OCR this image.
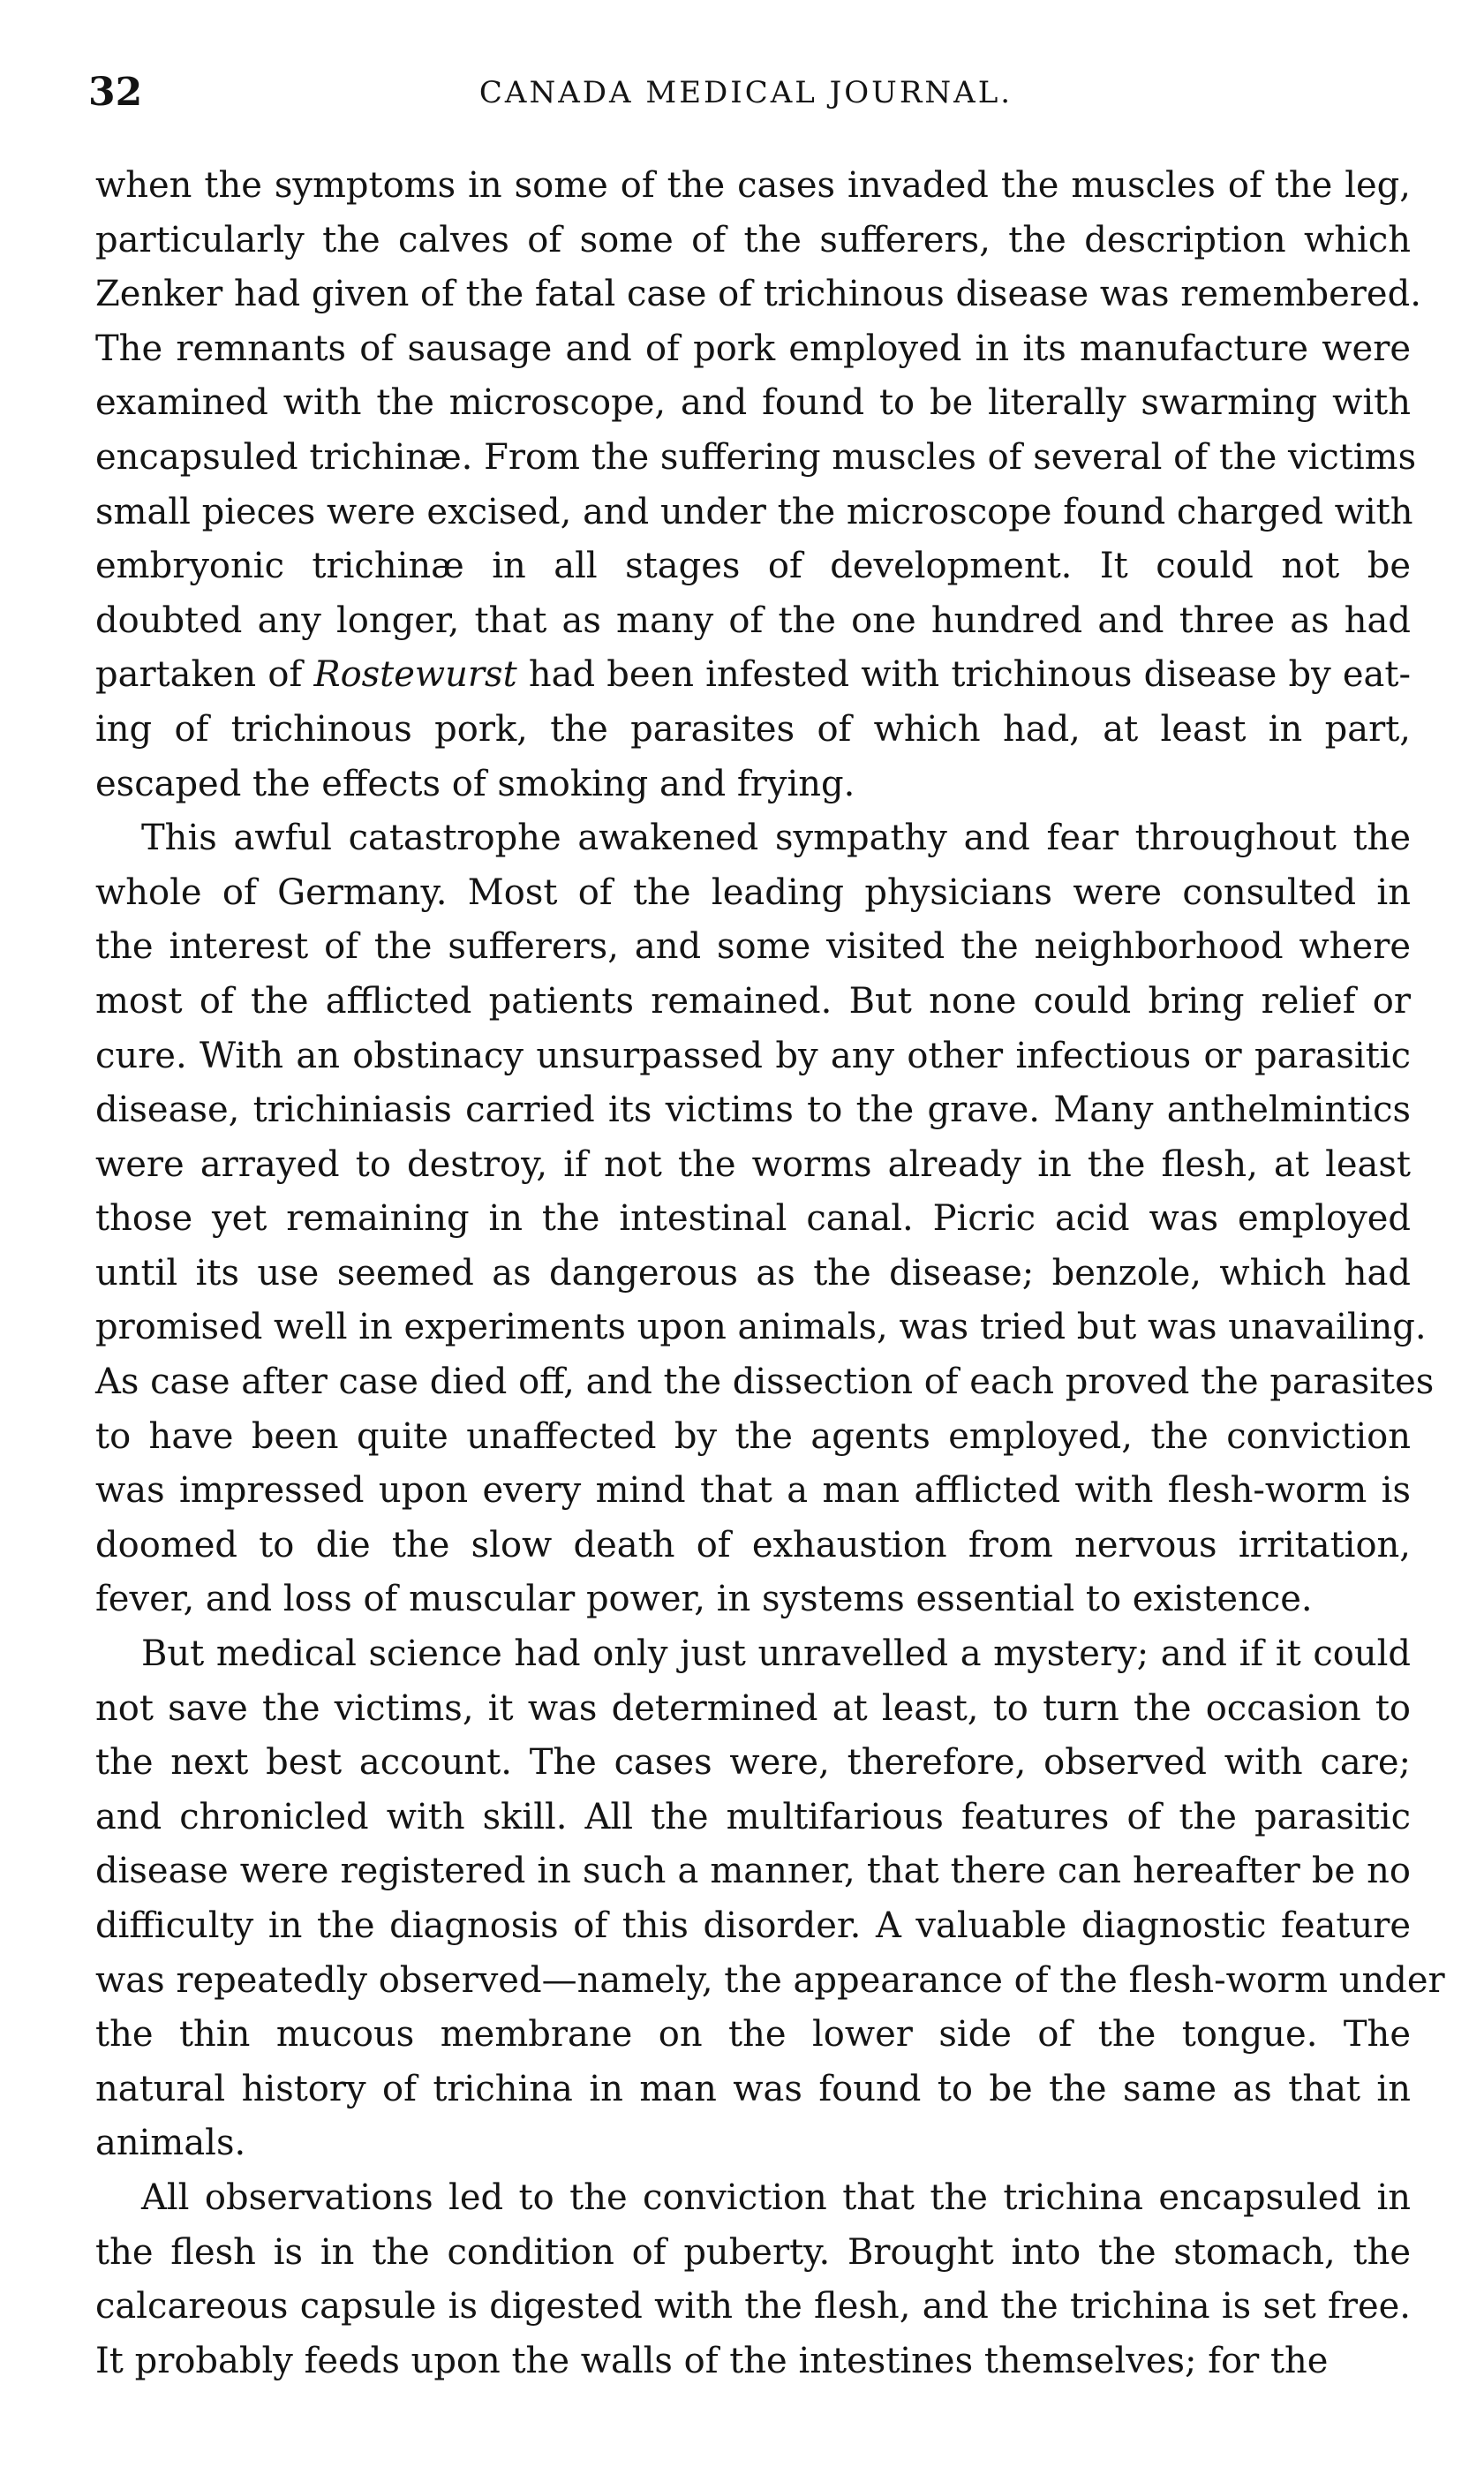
32	CANADA MEDICAL JOURNAL.
when the symptoms in some of the cases invaded the muscles of the leg,
particularly the calves of some of the sufferers, the description which
Zenker had given of the fatal case of trichinous disease was remembered.
The remnants of sausage and of pork employed in its manufacture were
examined with the microscope, and found to be literally swarming with
encapsuled trichinæ. From the suffering muscles of several of the victims
small pieces were excised, and under the microscope found charged with
embryonic trichinæ in all stages of development. It could not be
doubted any longer, that as many of the one hundred and three as had
partaken of Rostewurst had been infested with trichinous disease by eat-
ing of trichinous pork, the parasites of which had, at least in part,
escaped the effects of smoking and frying.
This awful catastrophe awakened sympathy and fear throughout the
whole of Germany. Most of the leading physicians were consulted in
the interest of the sufferers, and some visited the neighborhood where
most of the afflicted patients remained. But none could bring relief or
cure. With an obstinacy unsurpassed by any other infectious or parasitic
disease, trichiniasis carried its victims to the grave. Many anthelmintics
were arrayed to destroy, if not the worms already in the flesh, at least
those yet remaining in the intestinal canal. Picric acid was employed
until its use seemed as dangerous as the disease; benzole, which had
promised well in experiments upon animals, was tried but was unavailing.
As case after case died off, and the dissection of each proved the parasites
to have been quite unaffected by the agents employed, the conviction
was impressed upon every mind that a man afflicted with flesh-worm is
doomed to die the slow death of exhaustion from nervous irritation,
fever, and loss of muscular power, in systems essential to existence.
But medical science had only just unravelled a mystery; and if it could
not save the victims, it was determined at least, to turn the occasion to
the next best account. The cases were, therefore, observed with care;
and chronicled with skill. All the multifarious features of the parasitic
disease were registered in such a manner, that there can hereafter be no
difficulty in the diagnosis of this disorder. A valuable diagnostic feature
was repeatedly observed—namely, the appearance of the flesh-worm under
the thin mucous membrane on the lower side of the tongue. The
natural history of trichina in man was found to be the same as that in
animals.
All observations led to the conviction that the trichina encapsuled in
the flesh is in the condition of puberty. Brought into the stomach, the
calcareous capsule is digested with the flesh, and the trichina is set free.
It probably feeds upon the walls of the intestines themselves; for the
